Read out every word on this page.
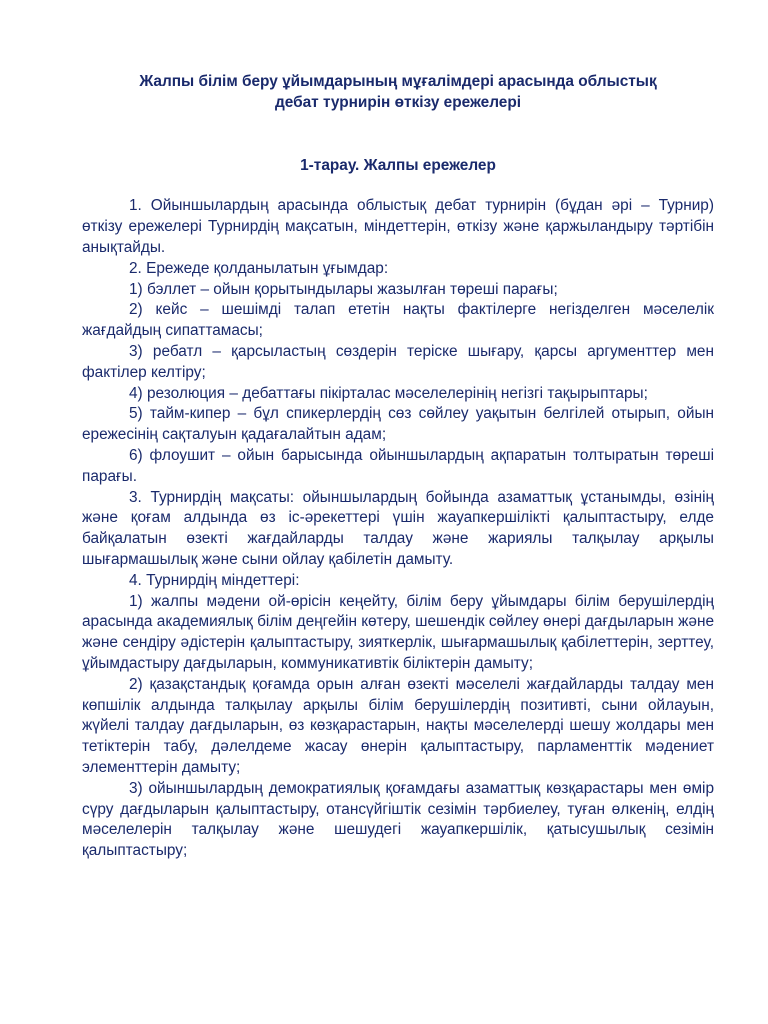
Жалпы білім беру ұйымдарының мұғалімдері арасында облыстық
дебат турнирін өткізу ережелері
1-тарау. Жалпы ережелер

1. Ойыншылардың арасында облыстық дебат турнирін (бұдан әрі – Турнир) өткізу ережелері Турнирдің мақсатын, міндеттерін, өткізу және қаржыландыру тәртібін анықтайды.

2. Ережеде қолданылатын ұғымдар:

1) бэллет – ойын қорытындылары жазылған төреші парағы;

2) кейс – шешімді талап ететін нақты фактілерге негізделген мәселелік жағдайдың сипаттамасы;

3) ребатл – қарсыластың сөздерін теріске шығару, қарсы аргументтер мен фактілер келтіру;

4) резолюция – дебаттағы пікірталас мәселелерінің негізгі тақырыптары;

5) тайм-кипер – бұл спикерлердің сөз сөйлеу уақытын белгілей отырып, ойын ережесінің сақталуын қадағалайтын адам;

6) флоушит – ойын барысында ойыншылардың ақпаратын толтыратын төреші парағы.

3. Турнирдің мақсаты: ойыншылардың бойында азаматтық ұстанымды, өзінің және қоғам алдында өз іс-әрекеттері үшін жауапкершілікті қалыптастыру, елде байқалатын өзекті жағдайларды талдау және жариялы талқылау арқылы шығармашылық және сыни ойлау қабілетін дамыту.

4. Турнирдің міндеттері:

1) жалпы мәдени ой-өрісін кеңейту, білім беру ұйымдары білім берушілердің арасында академиялық білім деңгейін көтеру, шешендік сөйлеу өнері дағдыларын және және сендіру әдістерін қалыптастыру, зияткерлік, шығармашылық қабілеттерін, зерттеу, ұйымдастыру дағдыларын, коммуникативтік біліктерін дамыту;

2) қазақстандық қоғамда орын алған өзекті мәселелі жағдайларды талдау мен көпшілік алдында талқылау арқылы білім берушілердің позитивті, сыни ойлауын, жүйелі талдау дағдыларын, өз көзқарастарын, нақты мәселелерді шешу жолдары мен тетіктерін табу, дәлелдеме жасау өнерін қалыптастыру, парламенттік мәдениет элементтерін дамыту;

3) ойыншылардың демократиялық қоғамдағы азаматтық көзқарастары мен өмір сүру дағдыларын қалыптастыру, отансүйгіштік сезімін тәрбиелеу, туған өлкенің, елдің мәселелерін талқылау және шешудегі жауапкершілік, қатысушылық сезімін қалыптастыру;
